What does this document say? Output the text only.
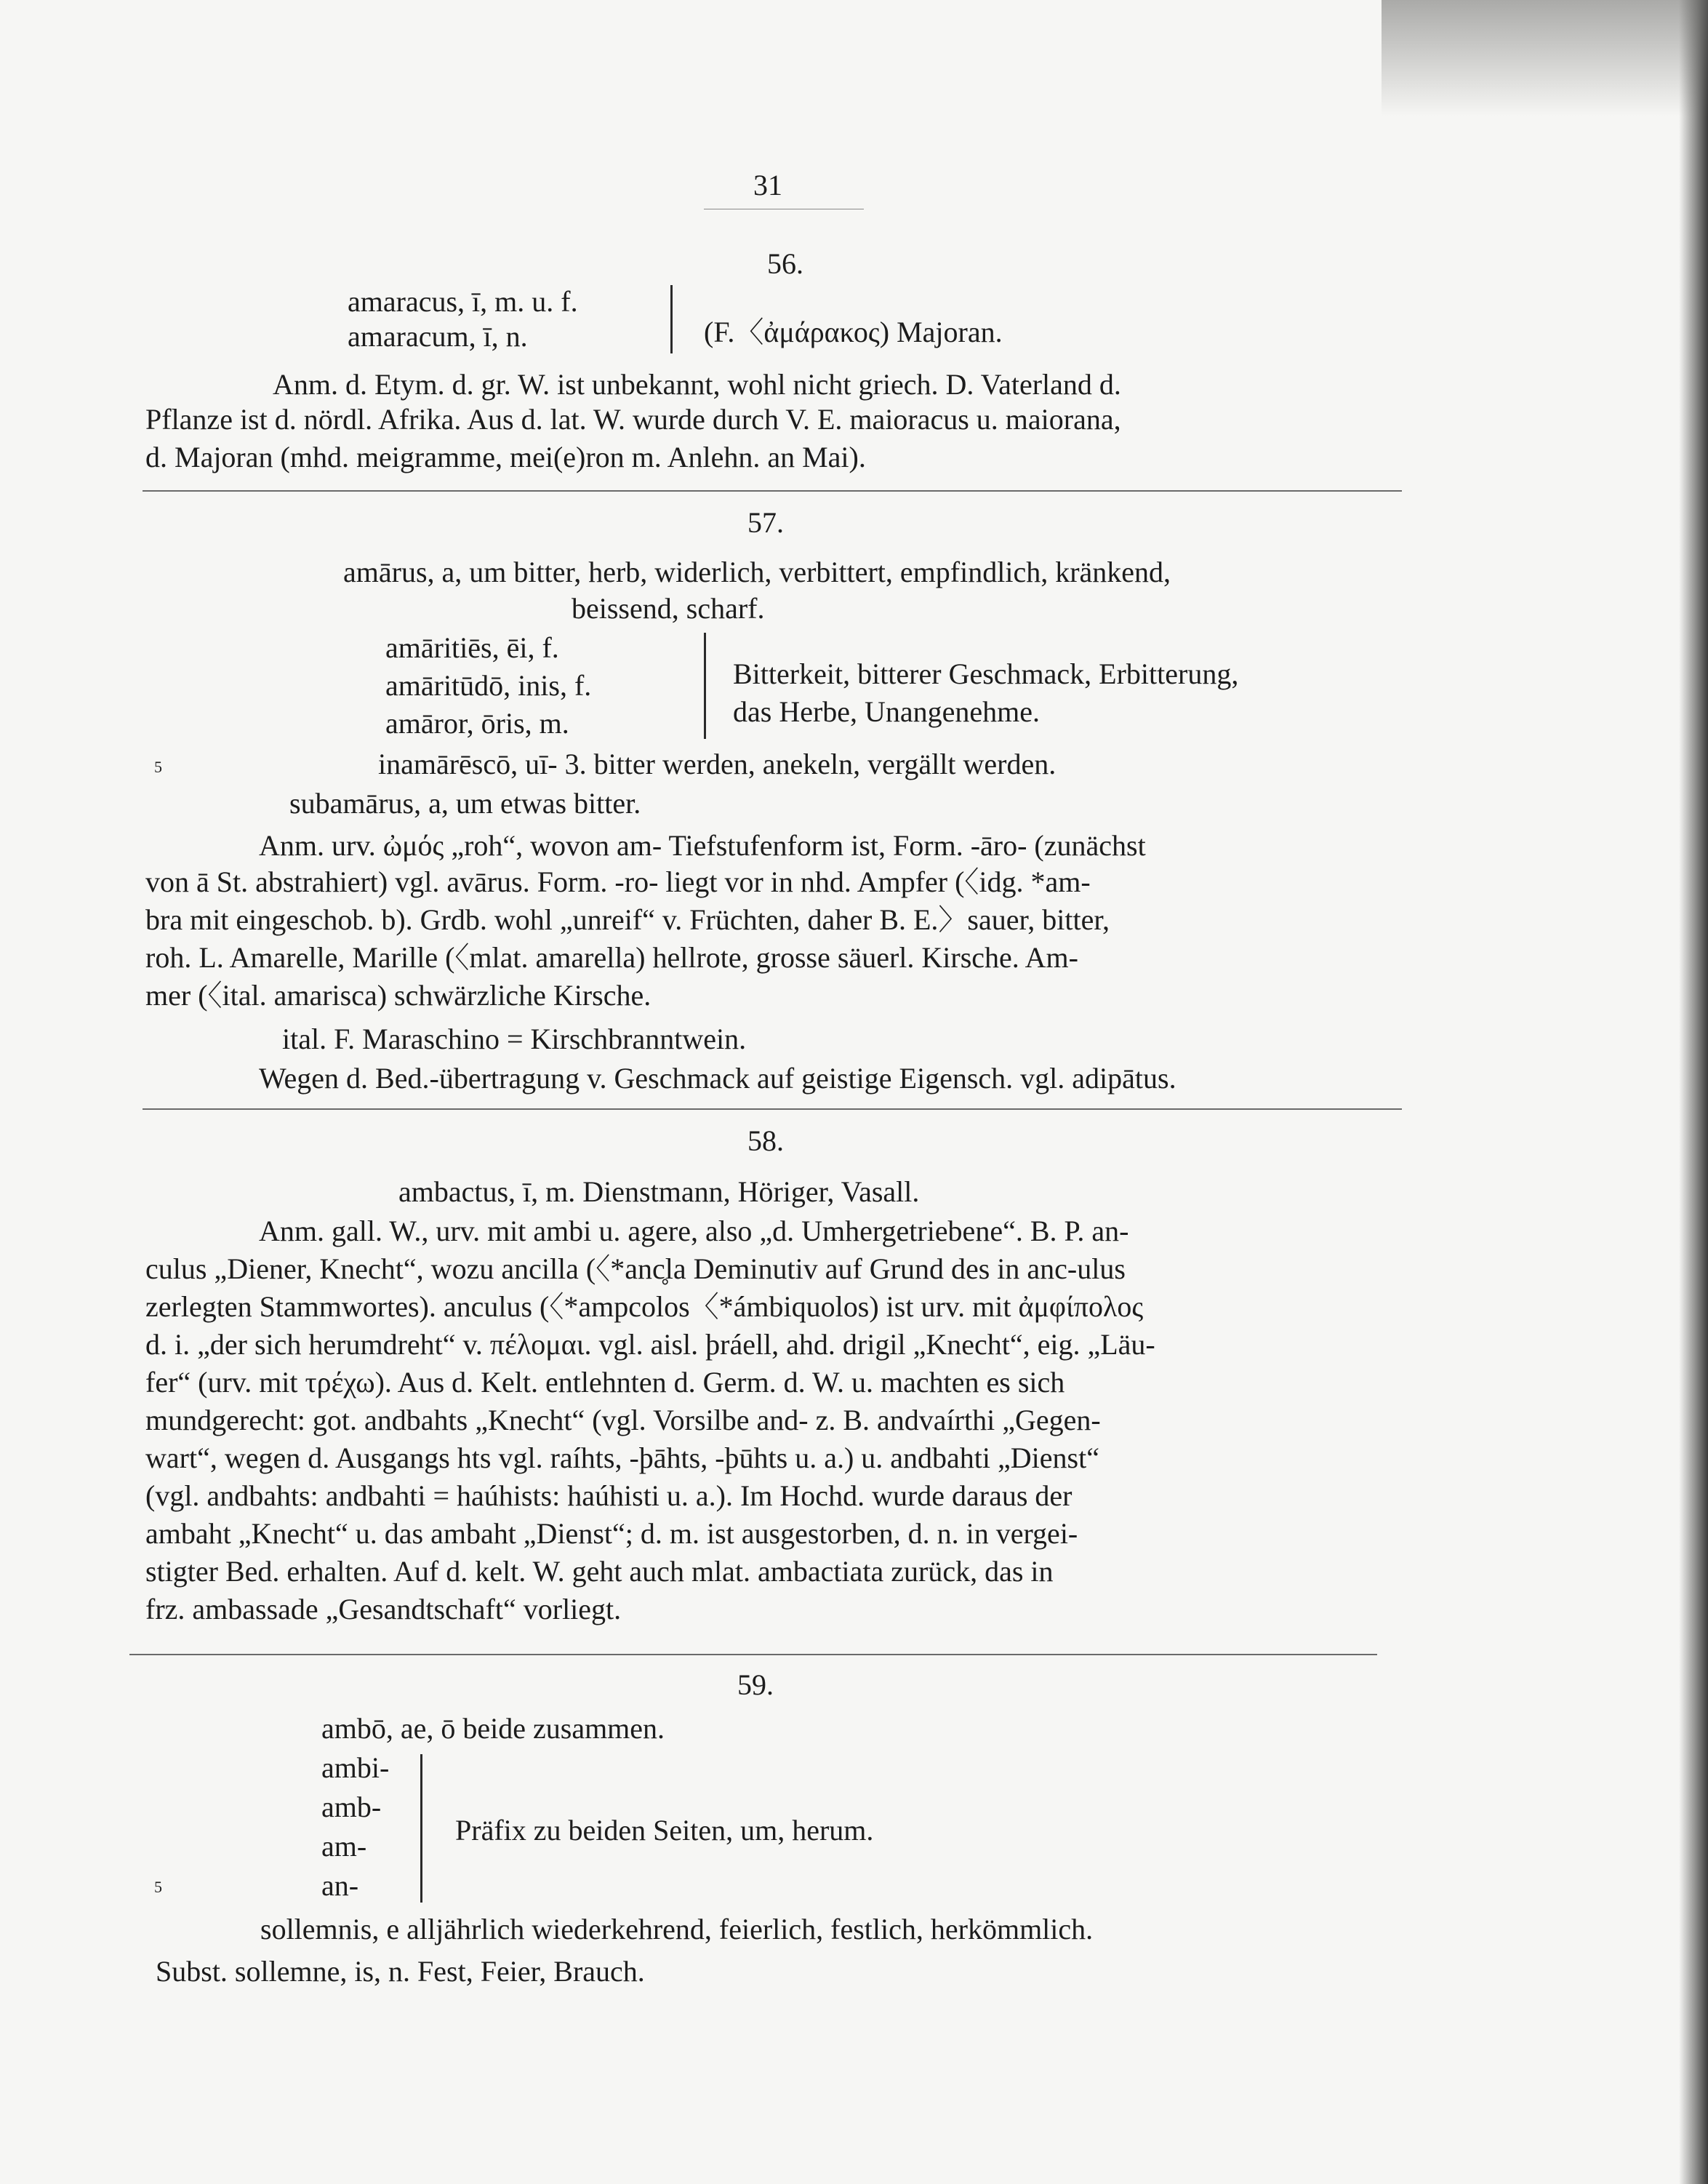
31
56.
amaracus, ī, m. u. f.
amaracum, ī, n.	(F.〈ἀμάρακος) Majoran.
Anm. d. Etym. d. gr. W. ist unbekannt, wohl nicht griech. D. Vaterland d.
Pflanze ist d. nördl. Afrika. Aus d. lat. W. wurde durch V. E. maioracus u. maiorana,
d. Majoran (mhd. meigramme, mei(e)ron m. Anlehn. an Mai).
57.
amārus, a, um bitter, herb, widerlich, verbittert, empfindlich, kränkend,
beissend, scharf.
amāritiēs, ēi, f.
amāritūdō, inis, f.
amāror, ōris, m.
Bitterkeit, bitterer Geschmack, Erbitterung,
das Herbe, Unangenehme.
5	inamārēscō, uī- 3. bitter werden, anekeln, vergällt werden.
subamārus, a, um etwas bitter.
Anm. urv. ὠμός „roh“, wovon am- Tiefstufenform ist, Form. -āro- (zunächst
von ā St. abstrahiert) vgl. avārus. Form. -ro- liegt vor in nhd. Ampfer (〈idg. *am-
bra mit eingeschob. b). Grdb. wohl „unreif“ v. Früchten, daher B. E.〉sauer, bitter,
roh. L. Amarelle, Marille (〈mlat. amarella) hellrote, grosse säuerl. Kirsche. Am-
mer (〈ital. amarisca) schwärzliche Kirsche.
ital. F. Maraschino = Kirschbranntwein.
Wegen d. Bed.-übertragung v. Geschmack auf geistige Eigensch. vgl. adipātus.
58.
ambactus, ī, m. Dienstmann, Höriger, Vasall.
Anm. gall. W., urv. mit ambi u. agere, also „d. Umhergetriebene“. B. P. an-
culus „Diener, Knecht“, wozu ancilla (〈*anc̥la Deminutiv auf Grund des in anc-ulus
zerlegten Stammwortes). anculus (〈*ampcolos〈*ámbiquolos) ist urv. mit ἀμφίπολος
d. i. „der sich herumdreht“ v. πέλομαι. vgl. aisl. þráell, ahd. drigil „Knecht“, eig. „Läu-
fer“ (urv. mit τρέχω). Aus d. Kelt. entlehnten d. Germ. d. W. u. machten es sich
mundgerecht: got. andbahts „Knecht“ (vgl. Vorsilbe and- z. B. andvaírthi „Gegen-
wart“, wegen d. Ausgangs hts vgl. raíhts, -þāhts, -þūhts u. a.) u. andbahti „Dienst“
(vgl. andbahts: andbahti = haúhists: haúhisti u. a.). Im Hochd. wurde daraus der
ambaht „Knecht“ u. das ambaht „Dienst“; d. m. ist ausgestorben, d. n. in vergei-
stigter Bed. erhalten. Auf d. kelt. W. geht auch mlat. ambactiata zurück, das in
frz. ambassade „Gesandtschaft“ vorliegt.
59.
ambō, ae, ō beide zusammen.
ambi-
amb-
am-
an-
Präfix zu beiden Seiten, um, herum.
5
sollemnis, e alljährlich wiederkehrend, feierlich, festlich, herkömmlich.
Subst. sollemne, is, n. Fest, Feier, Brauch.
